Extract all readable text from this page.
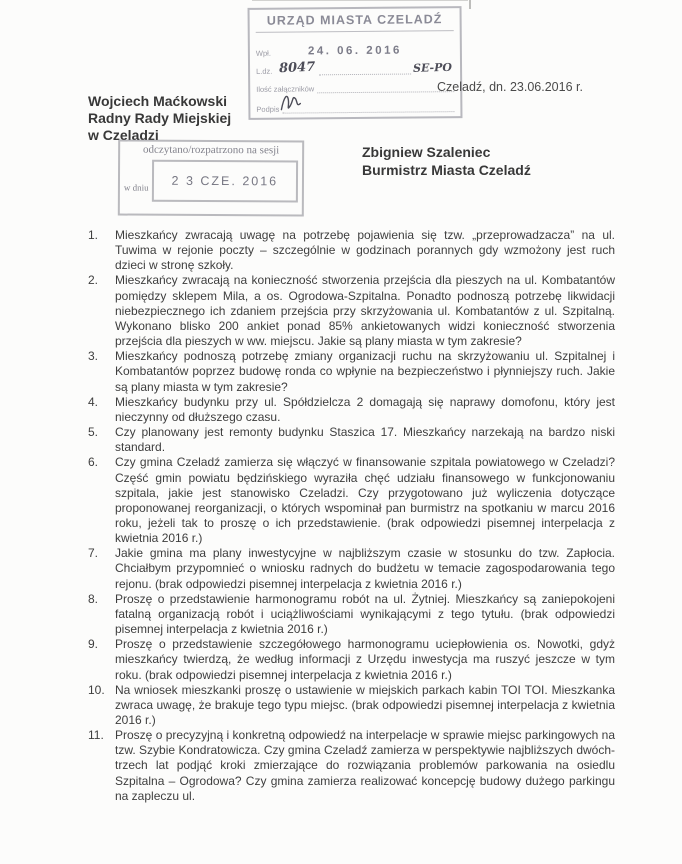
URZĄD MIASTA CZELADŹ
Wpł.	24. 06. 2016
L.dz. 8047	SE-PO
Ilość załączników
Podpis
Czeladź, dn. 23.06.2016 r.
Wojciech Maćkowski
Radny Rady Miejskiej
w Czeladzi
odczytano/rozpatrzono na sesji
w dniu	2 3 CZE. 2016
Zbigniew Szaleniec
Burmistrz Miasta Czeladź
1. Mieszkańcy zwracają uwagę na potrzebę pojawienia się tzw. „przeprowadzacza” na ul. Tuwima w rejonie poczty – szczególnie w godzinach porannych gdy wzmożony jest ruch dzieci w stronę szkoły.
2. Mieszkańcy zwracają na konieczność stworzenia przejścia dla pieszych na ul. Kombatantów pomiędzy sklepem Mila, a os. Ogrodowa-Szpitalna. Ponadto podnoszą potrzebę likwidacji niebezpiecznego ich zdaniem przejścia przy skrzyżowania ul. Kombatantów z ul. Szpitalną. Wykonano blisko 200 ankiet ponad 85% ankietowanych widzi konieczność stworzenia przejścia dla pieszych w ww. miejscu. Jakie są plany miasta w tym zakresie?
3. Mieszkańcy podnoszą potrzebę zmiany organizacji ruchu na skrzyżowaniu ul. Szpitalnej i Kombatantów poprzez budowę ronda co wpłynie na bezpieczeństwo i płynniejszy ruch. Jakie są plany miasta w tym zakresie?
4. Mieszkańcy budynku przy ul. Spółdzielcza 2 domagają się naprawy domofonu, który jest nieczynny od dłuższego czasu.
5. Czy planowany jest remonty budynku Staszica 17. Mieszkańcy narzekają na bardzo niski standard.
6. Czy gmina Czeladź zamierza się włączyć w finansowanie szpitala powiatowego w Czeladzi? Część gmin powiatu będzińskiego wyraziła chęć udziału finansowego w funkcjonowaniu szpitala, jakie jest stanowisko Czeladzi. Czy przygotowano już wyliczenia dotyczące proponowanej reorganizacji, o których wspominał pan burmistrz na spotkaniu w marcu 2016 roku, jeżeli tak to proszę o ich przedstawienie. (brak odpowiedzi pisemnej interpelacja z kwietnia 2016 r.)
7. Jakie gmina ma plany inwestycyjne w najbliższym czasie w stosunku do tzw. Zapłocia. Chciałbym przypomnieć o wniosku radnych do budżetu w temacie zagospodarowania tego rejonu. (brak odpowiedzi pisemnej interpelacja z kwietnia 2016 r.)
8. Proszę o przedstawienie harmonogramu robót na ul. Żytniej. Mieszkańcy są zaniepokojeni fatalną organizacją robót i uciążliwościami wynikającymi z tego tytułu. (brak odpowiedzi pisemnej interpelacja z kwietnia 2016 r.)
9. Proszę o przedstawienie szczegółowego harmonogramu uciepłowienia os. Nowotki, gdyż mieszkańcy twierdzą, że według informacji z Urzędu inwestycja ma ruszyć jeszcze w tym roku. (brak odpowiedzi pisemnej interpelacja z kwietnia 2016 r.)
10. Na wniosek mieszkanki proszę o ustawienie w miejskich parkach kabin TOI TOI. Mieszkanka zwraca uwagę, że brakuje tego typu miejsc. (brak odpowiedzi pisemnej interpelacja z kwietnia 2016 r.)
11. Proszę o precyzyjną i konkretną odpowiedź na interpelacje w sprawie miejsc parkingowych na tzw. Szybie Kondratowicza. Czy gmina Czeladź zamierza w perspektywie najbliższych dwóch-trzech lat podjąć kroki zmierzające do rozwiązania problemów parkowania na osiedlu Szpitalna – Ogrodowa? Czy gmina zamierza realizować koncepcję budowy dużego parkingu na zapleczu ul.
